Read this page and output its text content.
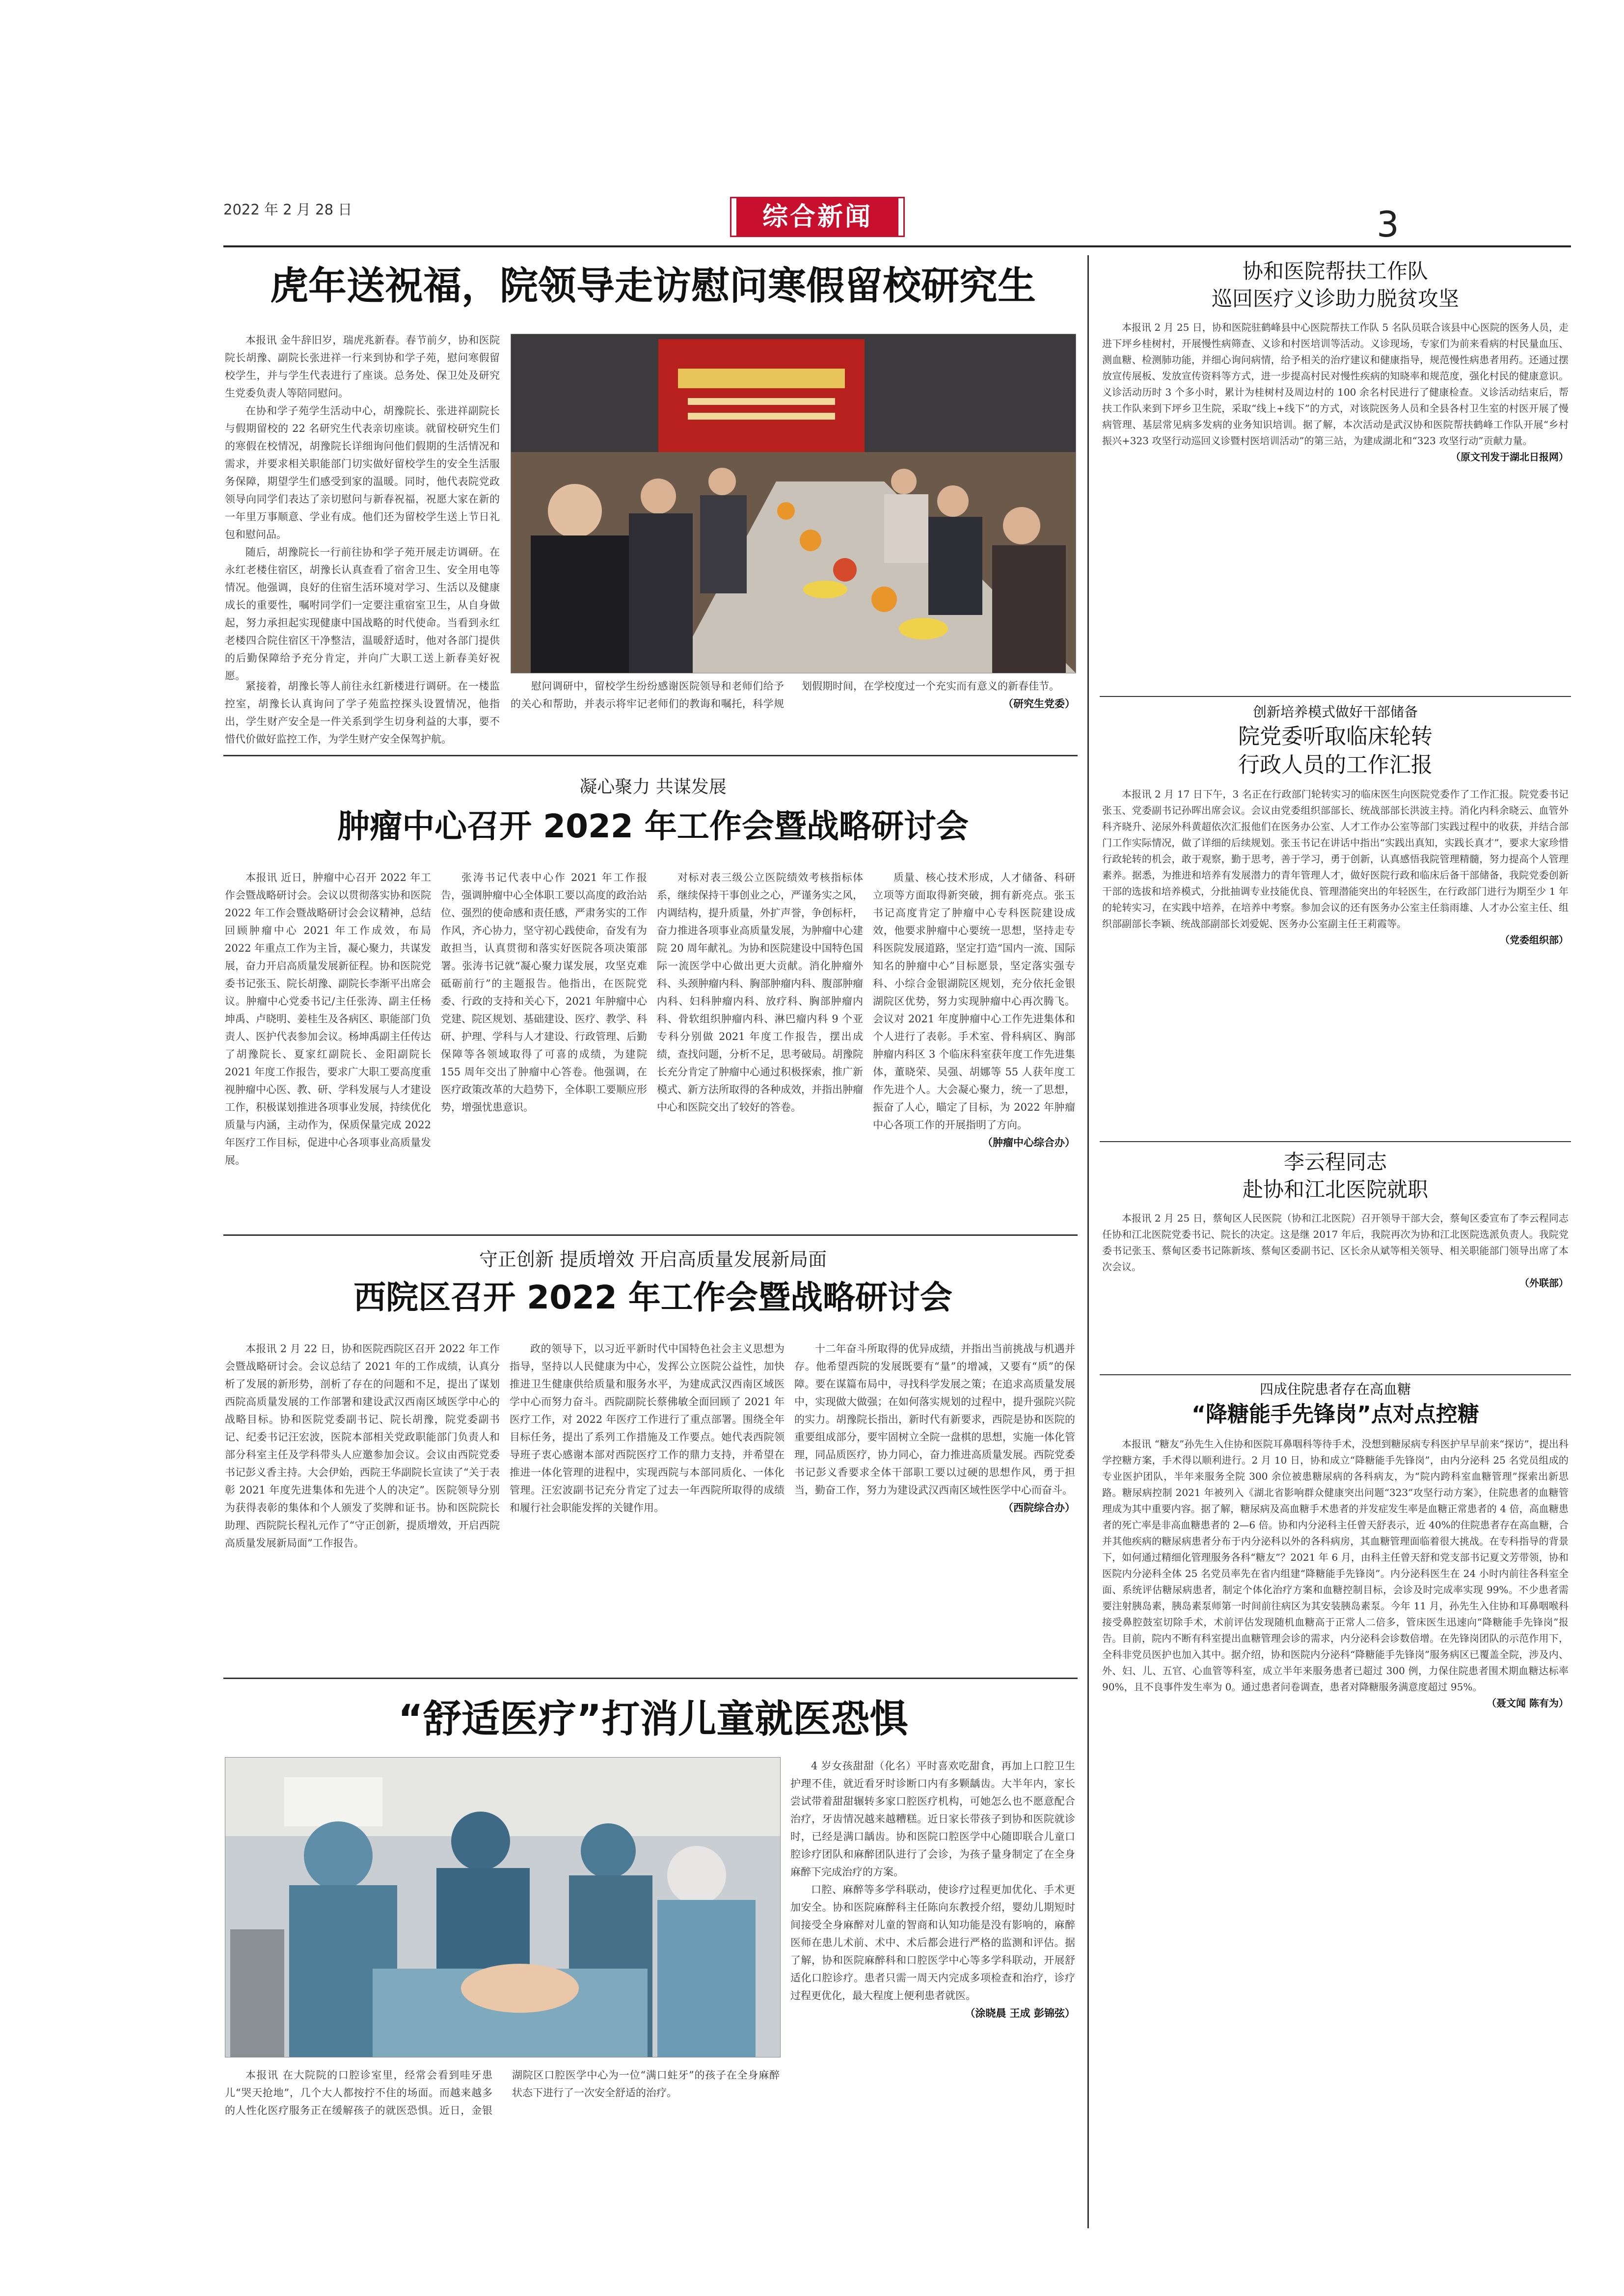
2022 年 2 月 28 日	综合新闻	3
虎年送祝福，院领导走访慰问寒假留校研究生

本报讯 金牛辞旧岁，瑞虎兆新春。春节前夕，协和医院院长胡豫、副院长张进祥一行来到协和学子苑，慰问寒假留校学生，并与学生代表进行了座谈。总务处、保卫处及研究生党委负责人等陪同慰问。

在协和学子苑学生活动中心，胡豫院长、张进祥副院长与假期留校的 22 名研究生代表亲切座谈。就留校研究生们的寒假在校情况，胡豫院长详细询问他们假期的生活情况和需求，并要求相关职能部门切实做好留校学生的安全生活服务保障，期望学生们感受到家的温暖。同时，他代表院党政领导向同学们表达了亲切慰问与新春祝福，祝愿大家在新的一年里万事顺意、学业有成。他们还为留校学生送上节日礼包和慰问品。

随后，胡豫院长一行前往协和学子苑开展走访调研。在永红老楼住宿区，胡豫长认真查看了宿舍卫生、安全用电等情况。他强调，良好的住宿生活环境对学习、生活以及健康成长的重要性，嘱咐同学们一定要注重宿室卫生，从自身做起，努力承担起实现健康中国战略的时代使命。当看到永红老楼四合院住宿区干净整洁，温暖舒适时，他对各部门提供的后勤保障给予充分肯定，并向广大职工送上新春美好祝愿。

紧接着，胡豫长等人前往永红新楼进行调研。在一楼监控室，胡豫长认真询问了学子苑监控探头设置情况，他指出，学生财产安全是一件关系到学生切身利益的大事，要不惜代价做好监控工作，为学生财产安全保驾护航。

慰问调研中，留校学生纷纷感谢医院领导和老师们给予的关心和帮助，并表示将牢记老师们的教诲和嘱托，科学规划假期时间，在学校度过一个充实而有意义的新春佳节。

（研究生党委）

凝心聚力 共谋发展
肿瘤中心召开 2022 年工作会暨战略研讨会

本报讯 近日，肿瘤中心召开 2022 年工作会暨战略研讨会。会议以贯彻落实协和医院 2022 年工作会暨战略研讨会会议精神，总结回顾肿瘤中心 2021 年工作成效，布局 2022 年重点工作为主旨，凝心聚力，共谋发展，奋力开启高质量发展新征程。协和医院党委书记张玉、院长胡豫、副院长李渐平出席会议。肿瘤中心党委书记/主任张涛、副主任杨坤禹、卢晓明、姜桂生及各病区、职能部门负责人、医护代表参加会议。杨坤禹副主任传达了胡豫院长、夏家红副院长、金阳副院长 2021 年度工作报告，要求广大职工要高度重视肿瘤中心医、教、研、学科发展与人才建设工作，积极谋划推进各项事业发展，持续优化质量与内涵，主动作为，保质保量完成 2022 年医疗工作目标，促进中心各项事业高质量发展。

张涛书记代表中心作 2021 年工作报告，强调肿瘤中心全体职工要以高度的政治站位、强烈的使命感和责任感，严肃务实的工作作风，齐心协力，坚守初心践使命，奋发有为敢担当，认真贯彻和落实好医院各项决策部署。张涛书记就“凝心聚力谋发展，攻坚克难砥砺前行”的主题报告。他指出，在医院党委、行政的支持和关心下，2021 年肿瘤中心党建、院区规划、基础建设、医疗、教学、科研、护理、学科与人才建设、行政管理、后勤保障等各领域取得了可喜的成绩，为建院 155 周年交出了肿瘤中心答卷。他强调，在医疗政策改革的大趋势下，全体职工要顺应形势，增强忧患意识。

对标对表三级公立医院绩效考核指标体系，继续保持干事创业之心，严谨务实之风，内调结构，提升质量，外扩声誉，争创标杆，奋力推进各项事业高质量发展，为肿瘤中心建院 20 周年献礼。为协和医院建设中国特色国际一流医学中心做出更大贡献。消化肿瘤外科、头颈肿瘤内科、胸部肿瘤内科、腹部肿瘤内科、妇科肿瘤内科、放疗科、胸部肿瘤内科、骨软组织肿瘤内科、淋巴瘤内科 9 个亚专科分别做 2021 年度工作报告，摆出成绩，查找问题，分析不足，思考破局。胡豫院长充分肯定了肿瘤中心通过积极探索，推广新模式、新方法所取得的各种成效，并指出肿瘤中心和医院交出了较好的答卷。

质量、核心技术形成，人才储备、科研立项等方面取得新突破，拥有新亮点。张玉书记高度肯定了肿瘤中心专科医院建设成效，他要求肿瘤中心要统一思想，坚持走专科医院发展道路，坚定打造“国内一流、国际知名的肿瘤中心”目标愿景，坚定落实强专科、小综合金银湖院区规划，充分依托金银湖院区优势，努力实现肿瘤中心再次腾飞。会议对 2021 年度肿瘤中心工作先进集体和个人进行了表彰。手术室、骨科病区、胸部肿瘤内科区 3 个临床科室获年度工作先进集体，董晓荣、吴强、胡娜等 55 人获年度工作先进个人。大会凝心聚力，统一了思想，振奋了人心，瞄定了目标，为 2022 年肿瘤中心各项工作的开展指明了方向。

（肿瘤中心综合办）

守正创新 提质增效 开启高质量发展新局面
西院区召开 2022 年工作会暨战略研讨会

本报讯 2 月 22 日，协和医院西院区召开 2022 年工作会暨战略研讨会。会议总结了 2021 年的工作成绩，认真分析了发展的新形势，剖析了存在的问题和不足，提出了谋划西院高质量发展的工作部署和建设武汉西南区域医学中心的战略目标。协和医院党委副书记、院长胡豫，院党委副书记、纪委书记汪宏波，医院本部相关党政职能部门负责人和部分科室主任及学科带头人应邀参加会议。会议由西院党委书记彭义香主持。大会伊始，西院王华副院长宣读了“关于表彰 2021 年度先进集体和先进个人的决定”。医院领导分别为获得表彰的集体和个人颁发了奖牌和证书。协和医院院长助理、西院院长程礼元作了“守正创新，提质增效，开启西院高质量发展新局面”工作报告。

政的领导下，以习近平新时代中国特色社会主义思想为指导，坚持以人民健康为中心，发挥公立医院公益性，加快推进卫生健康供给质量和服务水平，为建成武汉西南区域医学中心而努力奋斗。西院副院长蔡佛敏全面回顾了 2021 年医疗工作，对 2022 年医疗工作进行了重点部署。围绕全年目标任务，提出了系列工作措施及工作要点。她代表西院领导班子衷心感谢本部对西院医疗工作的鼎力支持，并希望在推进一体化管理的进程中，实现西院与本部同质化、一体化管理。汪宏波副书记充分肯定了过去一年西院所取得的成绩和履行社会职能发挥的关键作用。

十二年奋斗所取得的优异成绩，并指出当前挑战与机遇并存。他希望西院的发展既要有“量”的增减，又要有“质”的保障。要在谋篇布局中，寻找科学发展之策；在追求高质量发展中，实现做大做强；在如何落实规划的过程中，提升强院兴院的实力。胡豫院长指出，新时代有新要求，西院是协和医院的重要组成部分，要牢固树立全院一盘棋的思想，实施一体化管理，同品质医疗，协力同心，奋力推进高质量发展。西院党委书记彭义香要求全体干部职工要以过硬的思想作风，勇于担当，勤奋工作，努力为建设武汉西南区域性医学中心而奋斗。

（西院综合办）

“舒适医疗”打消儿童就医恐惧

本报讯 在大院院的口腔诊室里，经常会看到哇牙患儿“哭天抢地”，几个大人都按拧不住的场面。而越来越多的人性化医疗服务正在缓解孩子的就医恐惧。近日，金银湖院区口腔医学中心为一位“满口蛀牙”的孩子在全身麻醉状态下进行了一次安全舒适的治疗。

4 岁女孩甜甜（化名）平时喜欢吃甜食，再加上口腔卫生护理不佳，就近看牙时诊断口内有多颗龋齿。大半年内，家长尝试带着甜甜辗转多家口腔医疗机构，可她怎么也不愿意配合治疗，牙齿情况越来越糟糕。近日家长带孩子到协和医院就诊时，已经是满口龋齿。协和医院口腔医学中心随即联合儿童口腔诊疗团队和麻醉团队进行了会诊，为孩子量身制定了在全身麻醉下完成治疗的方案。

口腔、麻醉等多学科联动，使诊疗过程更加优化、手术更加安全。协和医院麻醉科主任陈向东教授介绍，婴幼儿期短时间接受全身麻醉对儿童的智商和认知功能是没有影响的，麻醉医师在患儿术前、术中、术后都会进行严格的监测和评估。据了解，协和医院麻醉科和口腔医学中心等多学科联动，开展舒适化口腔诊疗。患者只需一周天内完成多项检查和治疗，诊疗过程更优化，最大程度上便利患者就医。

（涂晓晨 王成 彭锦弦）

协和医院帮扶工作队
巡回医疗义诊助力脱贫攻坚

本报讯 2 月 25 日，协和医院驻鹤峰县中心医院帮扶工作队 5 名队员联合该县中心医院的医务人员，走进下坪乡桂树村，开展慢性病筛查、义诊和村医培训等活动。义诊现场，专家们为前来看病的村民量血压、测血糖、检测肺功能，并细心询问病情，给予相关的治疗建议和健康指导，规范慢性病患者用药。还通过摆放宣传展板、发放宣传资料等方式，进一步提高村民对慢性疾病的知晓率和规范度，强化村民的健康意识。义诊活动历时 3 个多小时，累计为桂树村及周边村的 100 余名村民进行了健康检查。义诊活动结束后，帮扶工作队来到下坪乡卫生院，采取“线上+线下”的方式，对该院医务人员和全县各村卫生室的村医开展了慢病管理、基层常见病多发病的业务知识培训。据了解，本次活动是武汉协和医院帮扶鹤峰工作队开展“乡村振兴+323 攻坚行动巡回义诊暨村医培训活动”的第三站，为建成湖北和“323 攻坚行动”贡献力量。

（原文刊发于湖北日报网）

创新培养模式做好干部储备
院党委听取临床轮转
行政人员的工作汇报

本报讯 2 月 17 日下午，3 名正在行政部门轮转实习的临床医生向医院党委作了工作汇报。院党委书记张玉、党委副书记孙晖出席会议。会议由党委组织部部长、统战部部长洪波主持。消化内科余晓云、血管外科齐晓升、泌尿外科黄超依次汇报他们在医务办公室、人才工作办公室等部门实践过程中的收获，并结合部门工作实际情况，做了详细的后续规划。张玉书记在讲话中指出“实践出真知，实践长真才”，要求大家珍惜行政轮转的机会，敢于观察，勤于思考，善于学习，勇于创新，认真感悟我院管理精髓，努力提高个人管理素养。据悉，为推进和培养有发展潜力的青年管理人才，做好医院行政和临床后备干部储备，我院党委创新干部的选拔和培养模式，分批抽调专业技能优良、管理潜能突出的年轻医生，在行政部门进行为期至少 1 年的轮转实习，在实践中培养，在培养中考察。参加会议的还有医务办公室主任翁雨雄、人才办公室主任、组织部副部长李颖、统战部副部长刘爱妮、医务办公室副主任王莉霞等。

（党委组织部）

李云程同志
赴协和江北医院就职

本报讯 2 月 25 日，蔡甸区人民医院（协和江北医院）召开领导干部大会，蔡甸区委宣布了李云程同志任协和江北医院党委书记、院长的决定。这是继 2017 年后，我院再次为协和江北医院选派负责人。我院党委书记张玉、蔡甸区委书记陈新垓、蔡甸区委副书记、区长余从斌等相关领导、相关职能部门领导出席了本次会议。

（外联部）

四成住院患者存在高血糖
“降糖能手先锋岗”点对点控糖

本报讯 “糖友”孙先生入住协和医院耳鼻咽科等待手术，没想到糖尿病专科医护早早前来“探访”，提出科学控糖方案，手术得以顺利进行。2 月 10 日，协和成立“降糖能手先锋岗”，由内分泌科 25 名党员组成的专业医护团队，半年来服务全院 300 余位被患糖尿病的各科病友，为“院内跨科室血糖管理”探索出新思路。糖尿病控制 2021 年被列入《湖北省影响群众健康突出问题“323”攻坚行动方案》，住院患者的血糖管理成为其中重要内容。据了解，糖尿病及高血糖手术患者的并发症发生率是血糖正常患者的 4 倍，高血糖患者的死亡率是非高血糖患者的 2—6 倍。协和内分泌科主任曾天舒表示，近 40%的住院患者存在高血糖，合并其他疾病的糖尿病患者分布于内分泌科以外的各科病房，其血糖管理面临着很大挑战。在专科指导的背景下，如何通过精细化管理服务各科“糖友”？2021 年 6 月，由科主任曾天舒和党支部书记夏文芳带领，协和医院内分泌科全体 25 名党员率先在省内组建“降糖能手先锋岗”。内分泌科医生在 24 小时内前往各科室全面、系统评估糖尿病患者，制定个体化治疗方案和血糖控制目标，会诊及时完成率实现 99%。不少患者需要注射胰岛素，胰岛素泵师第一时间前往病区为其安装胰岛素泵。今年 11 月，孙先生入住协和耳鼻咽喉科接受鼻腔鼓室切除手术，术前评估发现随机血糖高于正常人二倍多，管床医生迅速向“降糖能手先锋岗”报告。目前，院内不断有科室提出血糖管理会诊的需求，内分泌科会诊数倍增。在先锋岗团队的示范作用下，全科非党员医护也加入其中。据介绍，协和医院内分泌科“降糖能手先锋岗”服务病区已覆盖全院，涉及内、外、妇、儿、五官、心血管等科室，成立半年来服务患者已超过 300 例，力保住院患者围术期血糖达标率 90%，且不良事件发生率为 0。通过患者问卷调查，患者对降糖服务满意度超过 95%。

（聂文闻 陈有为）
